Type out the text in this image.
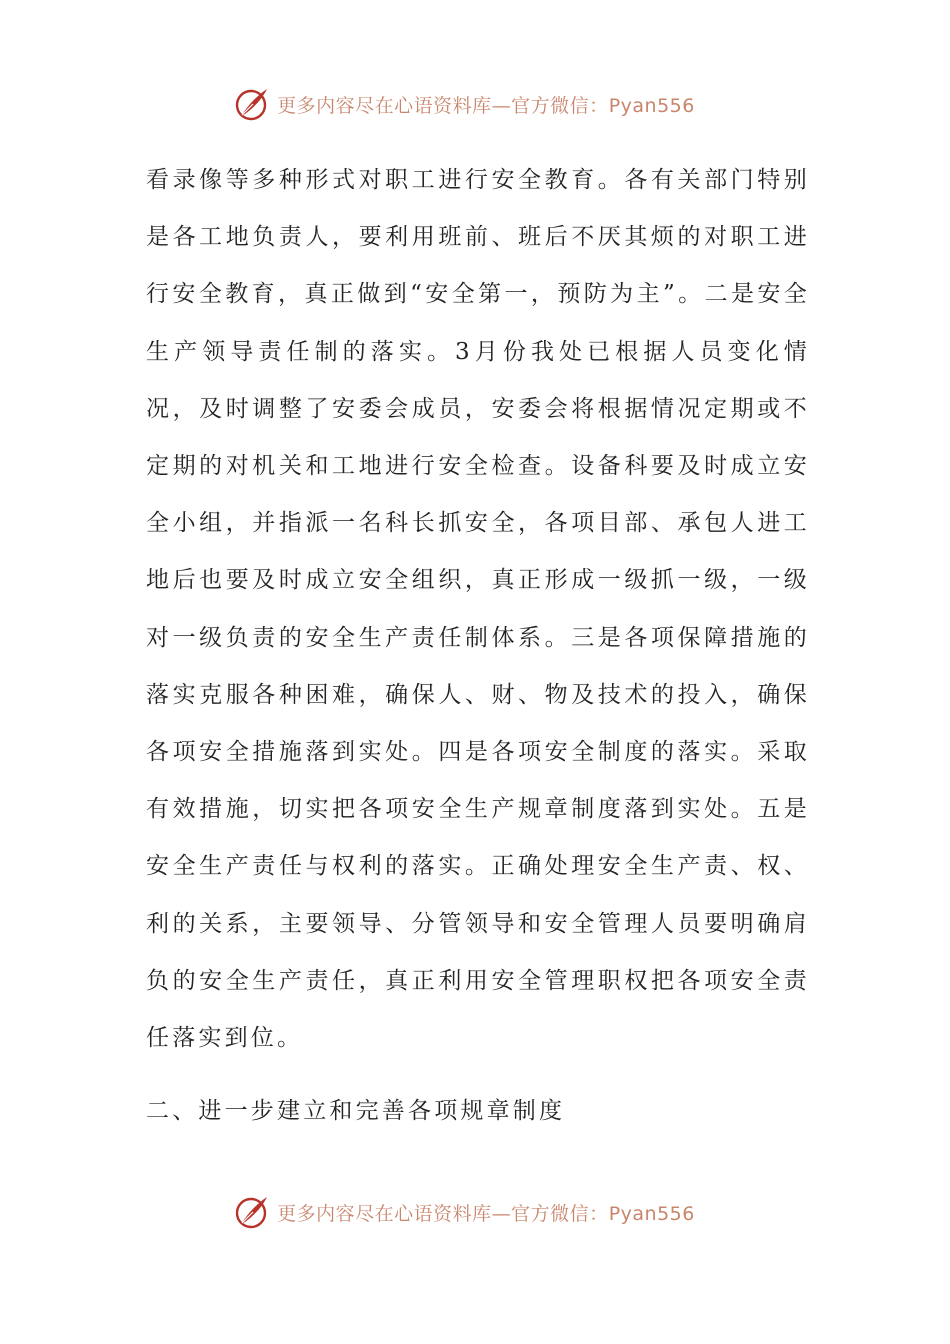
更多内容尽在心语资料库—官方微信：Pyan556

看录像等多种形式对职工进行安全教育。各有关部门特别是各工地负责人，要利用班前、班后不厌其烦的对职工进行安全教育，真正做到“安全第一，预防为主”。二是安全生产领导责任制的落实。3月份我处已根据人员变化情况，及时调整了安委会成员，安委会将根据情况定期或不定期的对机关和工地进行安全检查。设备科要及时成立安全小组，并指派一名科长抓安全，各项目部、承包人进工地后也要及时成立安全组织，真正形成一级抓一级，一级对一级负责的安全生产责任制体系。三是各项保障措施的落实克服各种困难，确保人、财、物及技术的投入，确保各项安全措施落到实处。四是各项安全制度的落实。采取有效措施，切实把各项安全生产规章制度落到实处。五是安全生产责任与权利的落实。正确处理安全生产责、权、利的关系，主要领导、分管领导和安全管理人员要明确肩负的安全生产责任，真正利用安全管理职权把各项安全责任落实到位。

二、进一步建立和完善各项规章制度
更多内容尽在心语资料库—官方微信：Pyan556
